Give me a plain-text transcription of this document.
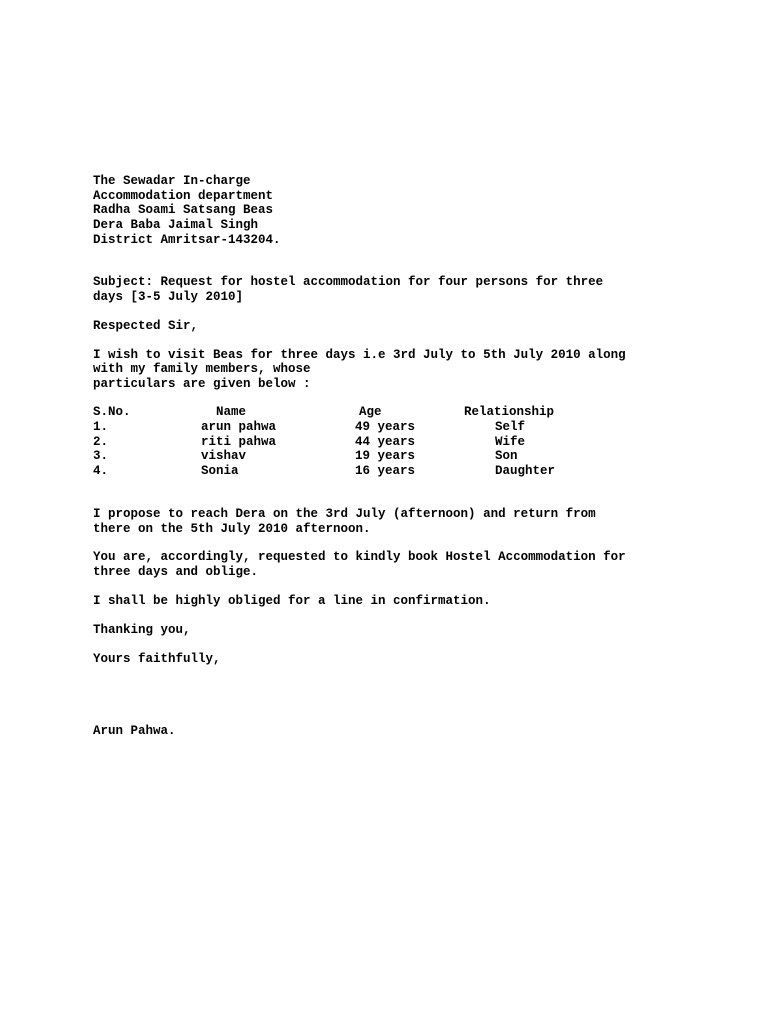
The Sewadar In-charge
Accommodation department
Radha Soami Satsang Beas
Dera Baba Jaimal Singh
District Amritsar-143204.
Subject: Request for hostel accommodation for four persons for three
days [3-5 July 2010]
Respected Sir,
I wish to visit Beas for three days i.e 3rd July to 5th July 2010 along
with my family members, whose
particulars are given below :
S.No.	Name	Age	Relationship
1.	arun pahwa	49 years	Self
2.	riti pahwa	44 years	Wife
3.	vishav	19 years	Son
4.	Sonia	16 years	Daughter
I propose to reach Dera on the 3rd July (afternoon) and return from
there on the 5th July 2010 afternoon.
You are, accordingly, requested to kindly book Hostel Accommodation for
three days and oblige.
I shall be highly obliged for a line in confirmation.
Thanking you,
Yours faithfully,
Arun Pahwa.
